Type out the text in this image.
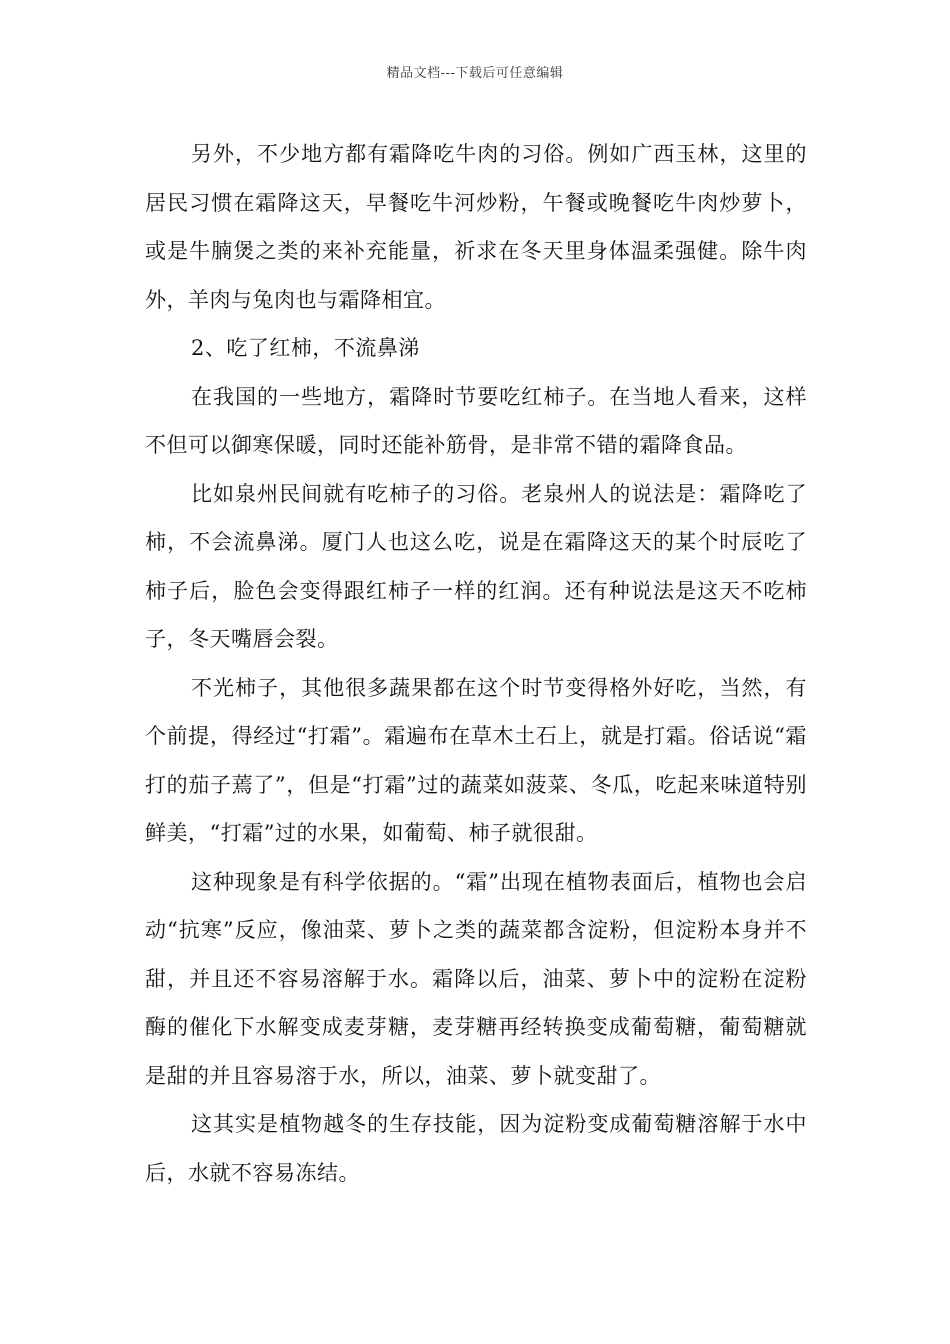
精品文档---下载后可任意编辑

另外，不少地方都有霜降吃牛肉的习俗。例如广西玉林，这里的居民习惯在霜降这天，早餐吃牛河炒粉，午餐或晚餐吃牛肉炒萝卜，或是牛腩煲之类的来补充能量，祈求在冬天里身体温柔强健。除牛肉外，羊肉与兔肉也与霜降相宜。

2、吃了红柿，不流鼻涕

在我国的一些地方，霜降时节要吃红柿子。在当地人看来，这样不但可以御寒保暖，同时还能补筋骨，是非常不错的霜降食品。

比如泉州民间就有吃柿子的习俗。老泉州人的说法是：霜降吃了柿，不会流鼻涕。厦门人也这么吃，说是在霜降这天的某个时辰吃了柿子后，脸色会变得跟红柿子一样的红润。还有种说法是这天不吃柿子，冬天嘴唇会裂。

不光柿子，其他很多蔬果都在这个时节变得格外好吃，当然，有个前提，得经过“打霜”。霜遍布在草木土石上，就是打霜。俗话说“霜打的茄子蔫了”，但是“打霜”过的蔬菜如菠菜、冬瓜，吃起来味道特别鲜美，“打霜”过的水果，如葡萄、柿子就很甜。

这种现象是有科学依据的。“霜”出现在植物表面后，植物也会启动“抗寒”反应，像油菜、萝卜之类的蔬菜都含淀粉，但淀粉本身并不甜，并且还不容易溶解于水。霜降以后，油菜、萝卜中的淀粉在淀粉酶的催化下水解变成麦芽糖，麦芽糖再经转换变成葡萄糖，葡萄糖就是甜的并且容易溶于水，所以，油菜、萝卜就变甜了。

这其实是植物越冬的生存技能，因为淀粉变成葡萄糖溶解于水中后，水就不容易冻结。
